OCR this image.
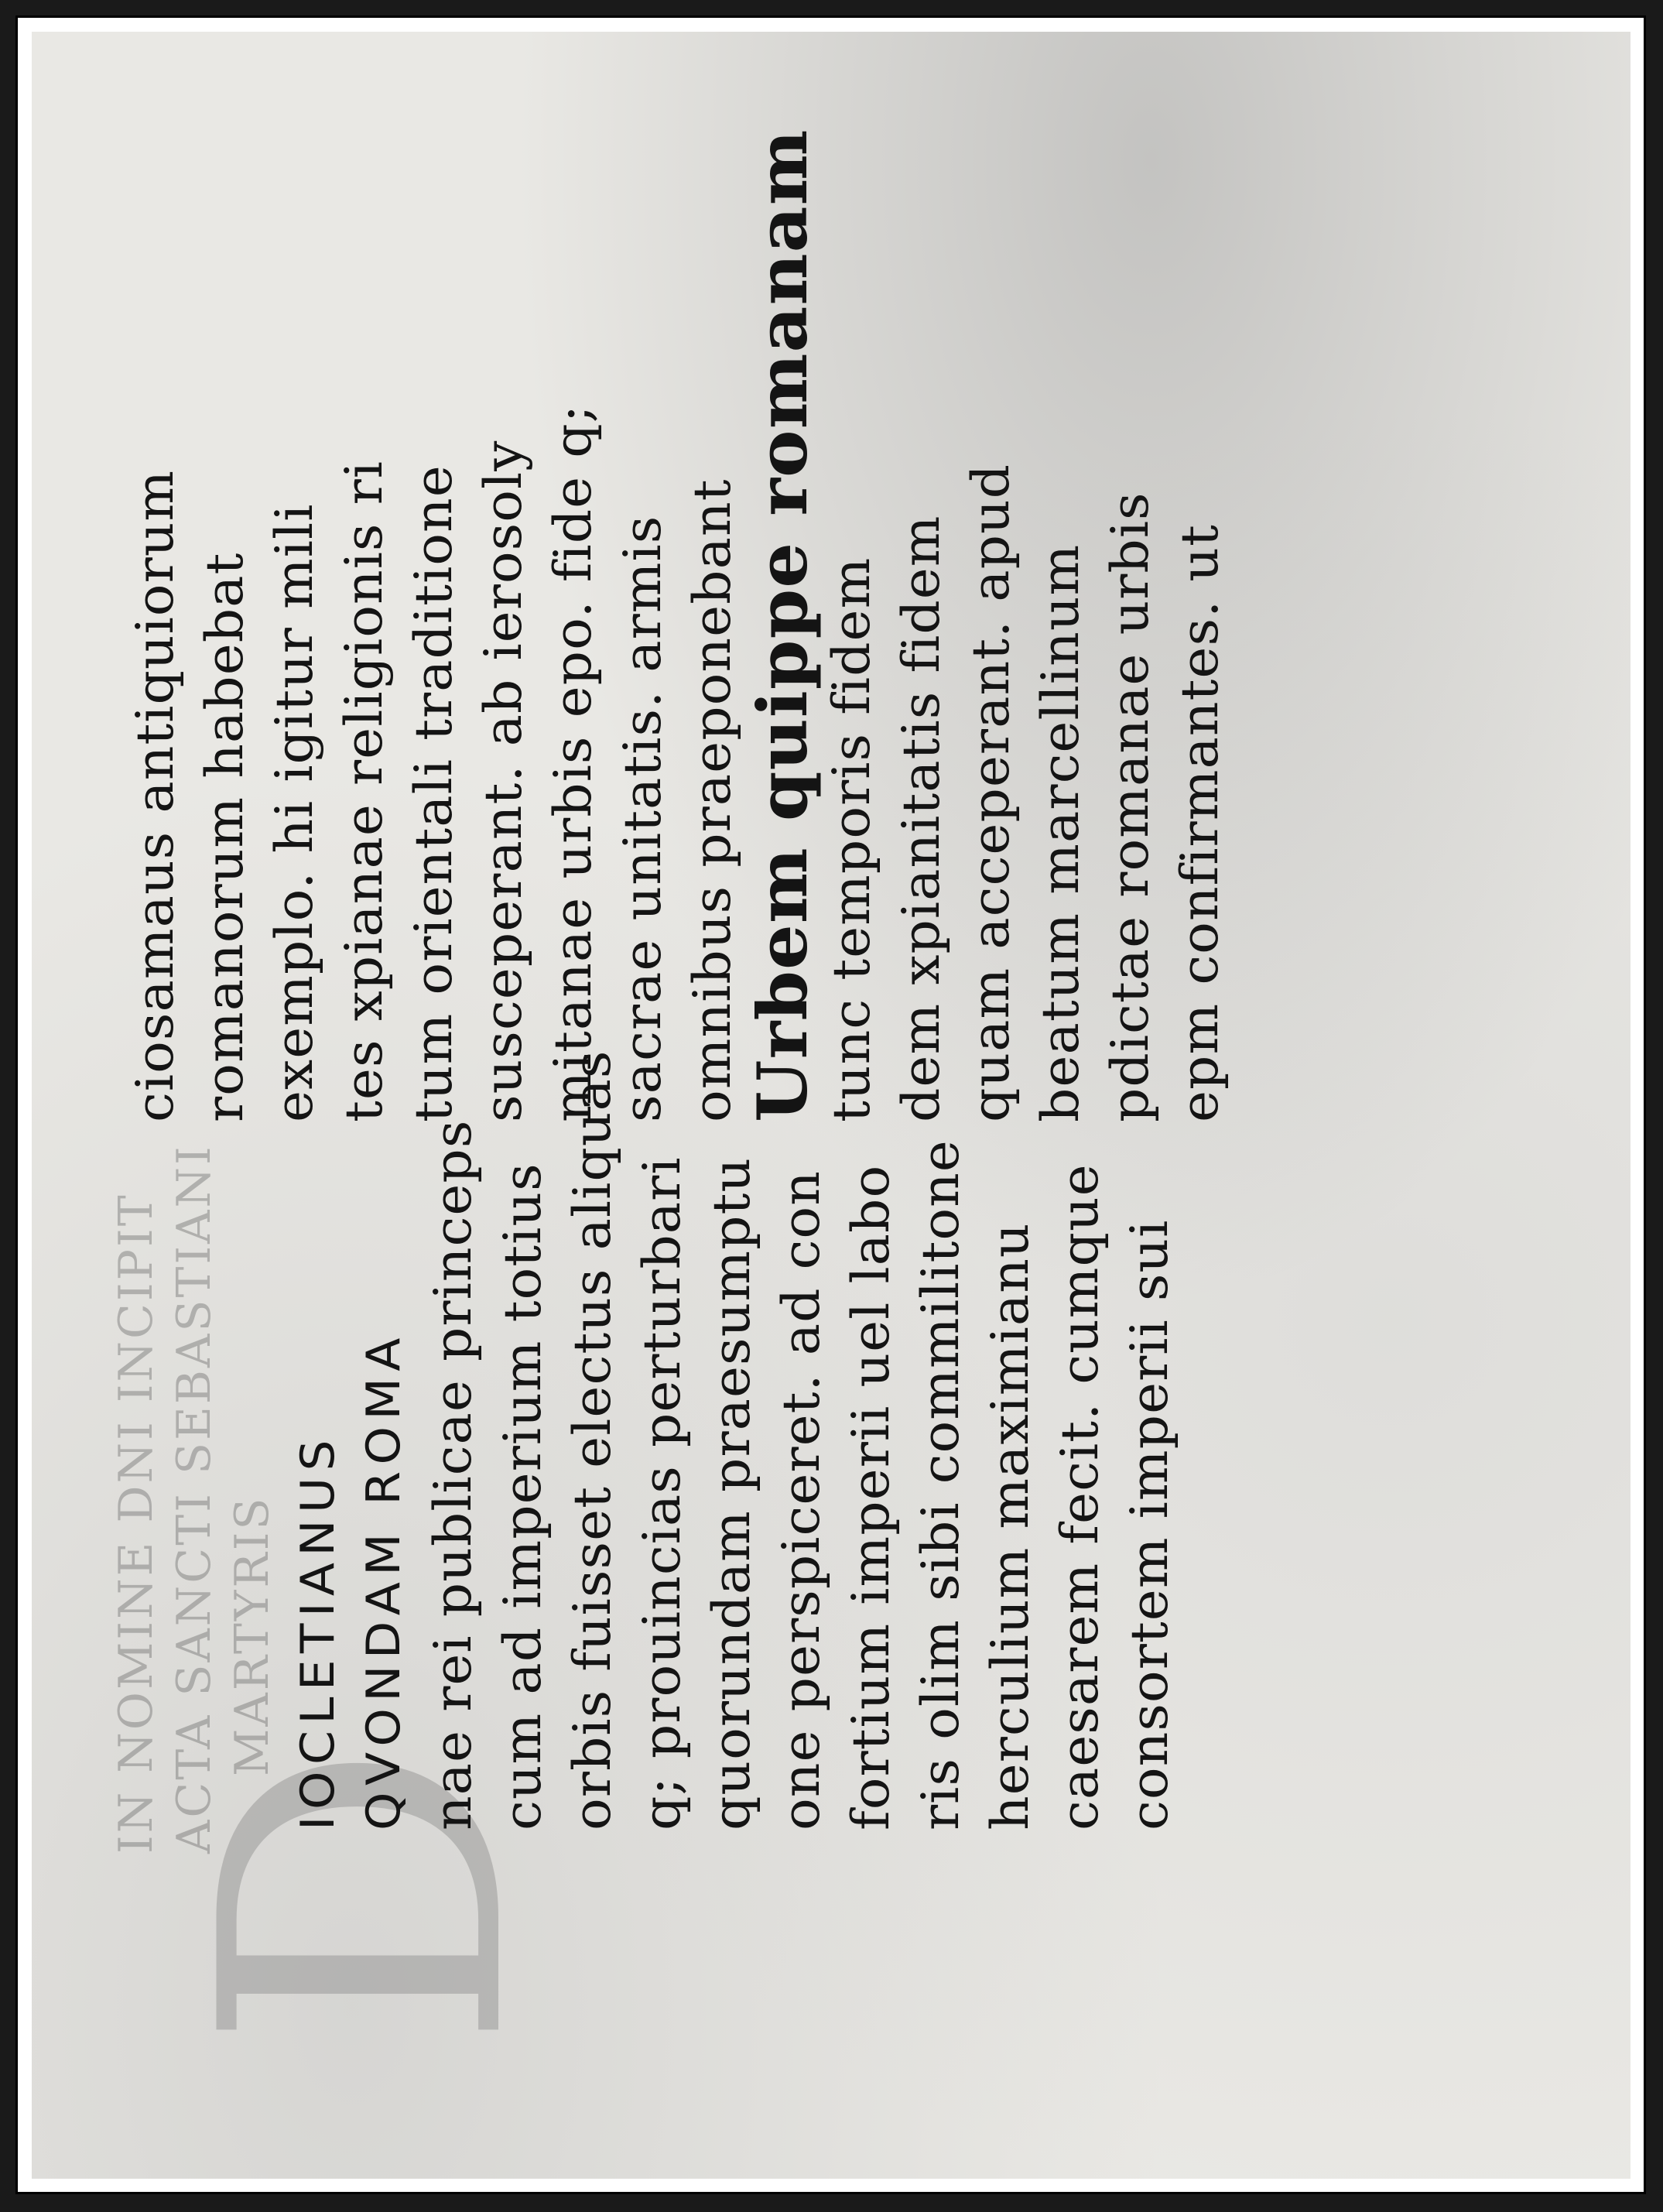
D
IN NOMINE DNI INCIPIT ACTA SANCTI SEBASTIANI MARTYRIS IOCLETIANUS QVONDAM ROMA nae rei publicae princeps cum ad imperium totius orbis fuisset electus aliquas q; prouincias perturbari quorundam praesumptu one perspiceret. ad con fortium imperii uel labo ris olim sibi commilitone herculium maximianu caesarem fecit. cumque consortem imperii sui
ciosamaus antiquiorum romanorum habebat exemplo. hi igitur mili tes xpianae religionis ri tum orientali traditione susceperant. ab ierosoly mitanae urbis epo. fide q; sacrae unitatis. armis omnibus praeponebant Urbem quippe romanam tunc temporis fidem dem xpianitatis fidem quam acceperant. apud beatum marcellinum pdictae romanae urbis epm confirmantes. ut
